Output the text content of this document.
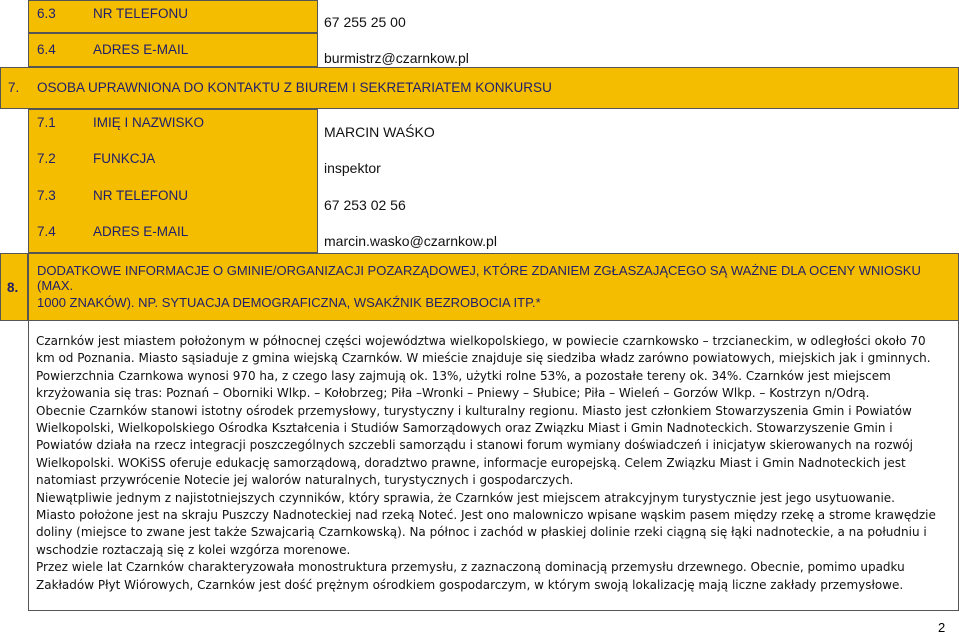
6.3	NR TELEFONU
67 255 25 00
6.4	ADRES E-MAIL
burmistrz@czarnkow.pl
7. OSOBA UPRAWNIONA DO KONTAKTU Z BIUREM I SEKRETARIATEM KONKURSU
7.1	IMIĘ I NAZWISKO
MARCIN WAŚKO
7.2	FUNKCJA
inspektor
7.3	NR TELEFONU
67 253 02 56
7.4	ADRES E-MAIL
marcin.wasko@czarnkow.pl
8.
DODATKOWE INFORMACJE O GMINIE/ORGANIZACJI POZARZĄDOWEJ, KTÓRE ZDANIEM ZGŁASZAJĄCEGO SĄ WAŻNE DLA OCENY WNIOSKU (MAX.
1000 ZNAKÓW). NP. SYTUACJA DEMOGRAFICZNA, WSAKŹNIK BEZROBOCIA ITP.*

Czarnków jest miastem położonym w północnej części województwa wielkopolskiego, w powiecie czarnkowsko – trzcianeckim, w odległości około 70 km od Poznania. Miasto sąsiaduje z gmina wiejską Czarnków. W mieście znajduje się siedziba władz zarówno powiatowych, miejskich jak i gminnych. Powierzchnia Czarnkowa wynosi 970 ha, z czego lasy zajmują ok. 13%, użytki rolne 53%, a pozostałe tereny ok. 34%. Czarnków jest miejscem krzyżowania się tras: Poznań – Oborniki Wlkp. – Kołobrzeg; Piła –Wronki – Pniewy – Słubice; Piła – Wieleń – Gorzów Wlkp. – Kostrzyn n/Odrą.

Obecnie Czarnków stanowi istotny ośrodek przemysłowy, turystyczny i kulturalny regionu. Miasto jest członkiem Stowarzyszenia Gmin i Powiatów Wielkopolski, Wielkopolskiego Ośrodka Kształcenia i Studiów Samorządowych oraz Związku Miast i Gmin Nadnoteckich. Stowarzyszenie Gmin i Powiatów działa na rzecz integracji poszczególnych szczebli samorządu i stanowi forum wymiany doświadczeń i inicjatyw skierowanych na rozwój Wielkopolski. WOKiSS oferuje edukację samorządową, doradztwo prawne, informacje europejską. Celem Związku Miast i Gmin Nadnoteckich jest natomiast przywrócenie Notecie jej walorów naturalnych, turystycznych i gospodarczych.

Niewątpliwie jednym z najistotniejszych czynników, który sprawia, że Czarnków jest miejscem atrakcyjnym turystycznie jest jego usytuowanie. Miasto położone jest na skraju Puszczy Nadnoteckiej nad rzeką Noteć. Jest ono malowniczo wpisane wąskim pasem między rzekę a strome krawędzie doliny (miejsce to zwane jest także Szwajcarią Czarnkowską). Na północ i zachód w płaskiej dolinie rzeki ciągną się łąki nadnoteckie, a na południu i wschodzie roztaczają się z kolei wzgórza morenowe.

Przez wiele lat Czarnków charakteryzowała monostruktura przemysłu, z zaznaczoną dominacją przemysłu drzewnego. Obecnie, pomimo upadku Zakładów Płyt Wiórowych, Czarnków jest dość prężnym ośrodkiem gospodarczym, w którym swoją lokalizację mają liczne zakłady przemysłowe.

2
